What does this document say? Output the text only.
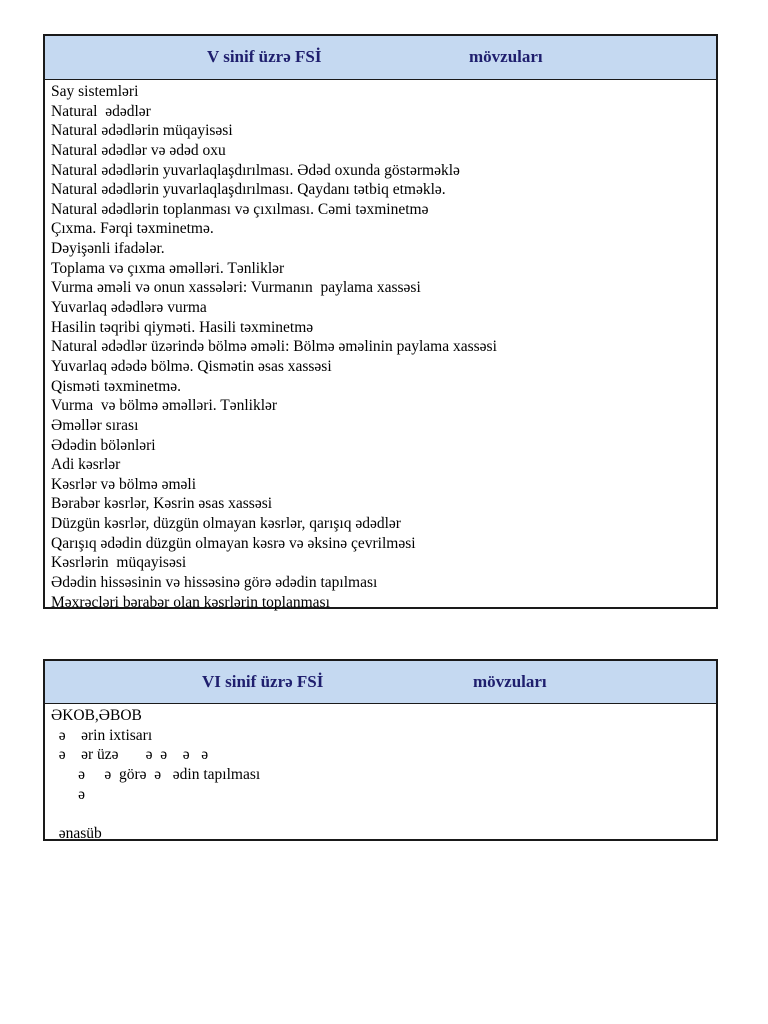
V sinif üzrə FSİ	mövzuları
Say sistemləri
Natural  ədədlər
Natural ədədlərin müqayisəsi
Natural ədədlər və ədəd oxu
Natural ədədlərin yuvarlaqlaşdırılması. Ədəd oxunda göstərməklə
Natural ədədlərin yuvarlaqlaşdırılması. Qaydanı tətbiq etməklə.
Natural ədədlərin toplanması və çıxılması. Cəmi təxminetmə
Çıxma. Fərqi təxminetmə.
Dəyişənli ifadələr.
Toplama və çıxma əməlləri. Tənliklər
Vurma əməli və onun xassələri: Vurmanın  paylama xassəsi
Yuvarlaq ədədlərə vurma
Hasilin təqribi qiyməti. Hasili təxminetmə
Natural ədədlər üzərində bölmə əməli: Bölmə əməlinin paylama xassəsi
Yuvarlaq ədədə bölmə. Qismətin əsas xassəsi
Qisməti təxminetmə.
Vurma  və bölmə əməlləri. Tənliklər
Əməllər sırası
Ədədin bölənləri
Adi kəsrlər
Kəsrlər və bölmə əməli
Bərabər kəsrlər, Kəsrin əsas xassəsi
Düzgün kəsrlər, düzgün olmayan kəsrlər, qarışıq ədədlər
Qarışıq ədədin düzgün olmayan kəsrə və əksinə çevrilməsi
Kəsrlərin  müqayisəsi
Ədədin hissəsinin və hissəsinə görə ədədin tapılması
Məxrəcləri bərabər olan kəsrlərin toplanması
VI sinif üzrə FSİ	mövzuları
ƏKOB,ƏBOB
ə    ərin ixtisarı
ə    ər üzə       ə  ə    ə   ə
ə     ə  görə  ə   ədin tapılması
ə
ənasüb
